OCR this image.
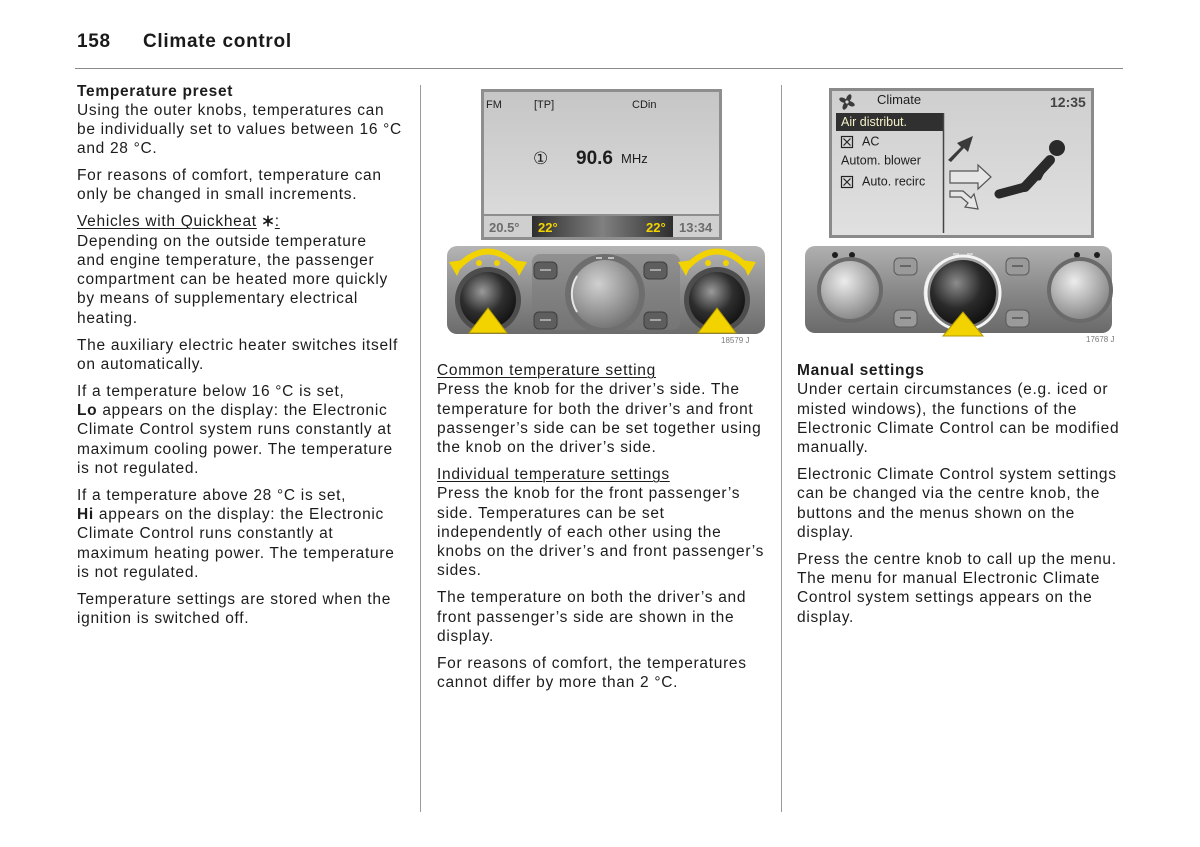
158 Climate control
Temperature preset
Using the outer knobs, temperatures can
be individually set to values between 16 °C
and 28 °C.
For reasons of comfort, temperature can
only be changed in small increments.
Vehicles with Quickheat :
Depending on the outside temperature
and engine temperature, the passenger
compartment can be heated more quickly
by means of supplementary electrical
heating.
The auxiliary electric heater switches itself
on automatically.
If a temperature below 16 °C is set,
Lo appears on the display: the Electronic
Climate Control system runs constantly at
maximum cooling power. The temperature
is not regulated.
If a temperature above 28 °C is set,
Hi appears on the display: the Electronic
Climate Control runs constantly at
maximum heating power. The temperature
is not regulated.
Temperature settings are stored when the
ignition is switched off.
FM	[TP]	CDin
① 90.6 MHz
20.5° 22°	22° 13:34
18579 J
Common temperature setting
Press the knob for the driver’s side. The
temperature for both the driver’s and front
passenger’s side can be set together using
the knob on the driver’s side.
Individual temperature settings
Press the knob for the front passenger’s
side. Temperatures can be set
independently of each other using the
knobs on the driver’s and front passenger’s
sides.
The temperature on both the driver’s and
front passenger’s side are shown in the
display.
For reasons of comfort, the temperatures
cannot differ by more than 2 °C.
Climate	12:35
Air distribut.
AC
Autom. blower
Auto. recirc
17678 J
Manual settings
Under certain circumstances (e.g. iced or
misted windows), the functions of the
Electronic Climate Control can be modified
manually.
Electronic Climate Control system settings
can be changed via the centre knob, the
buttons and the menus shown on the
display.
Press the centre knob to call up the menu.
The menu for manual Electronic Climate
Control system settings appears on the
display.
